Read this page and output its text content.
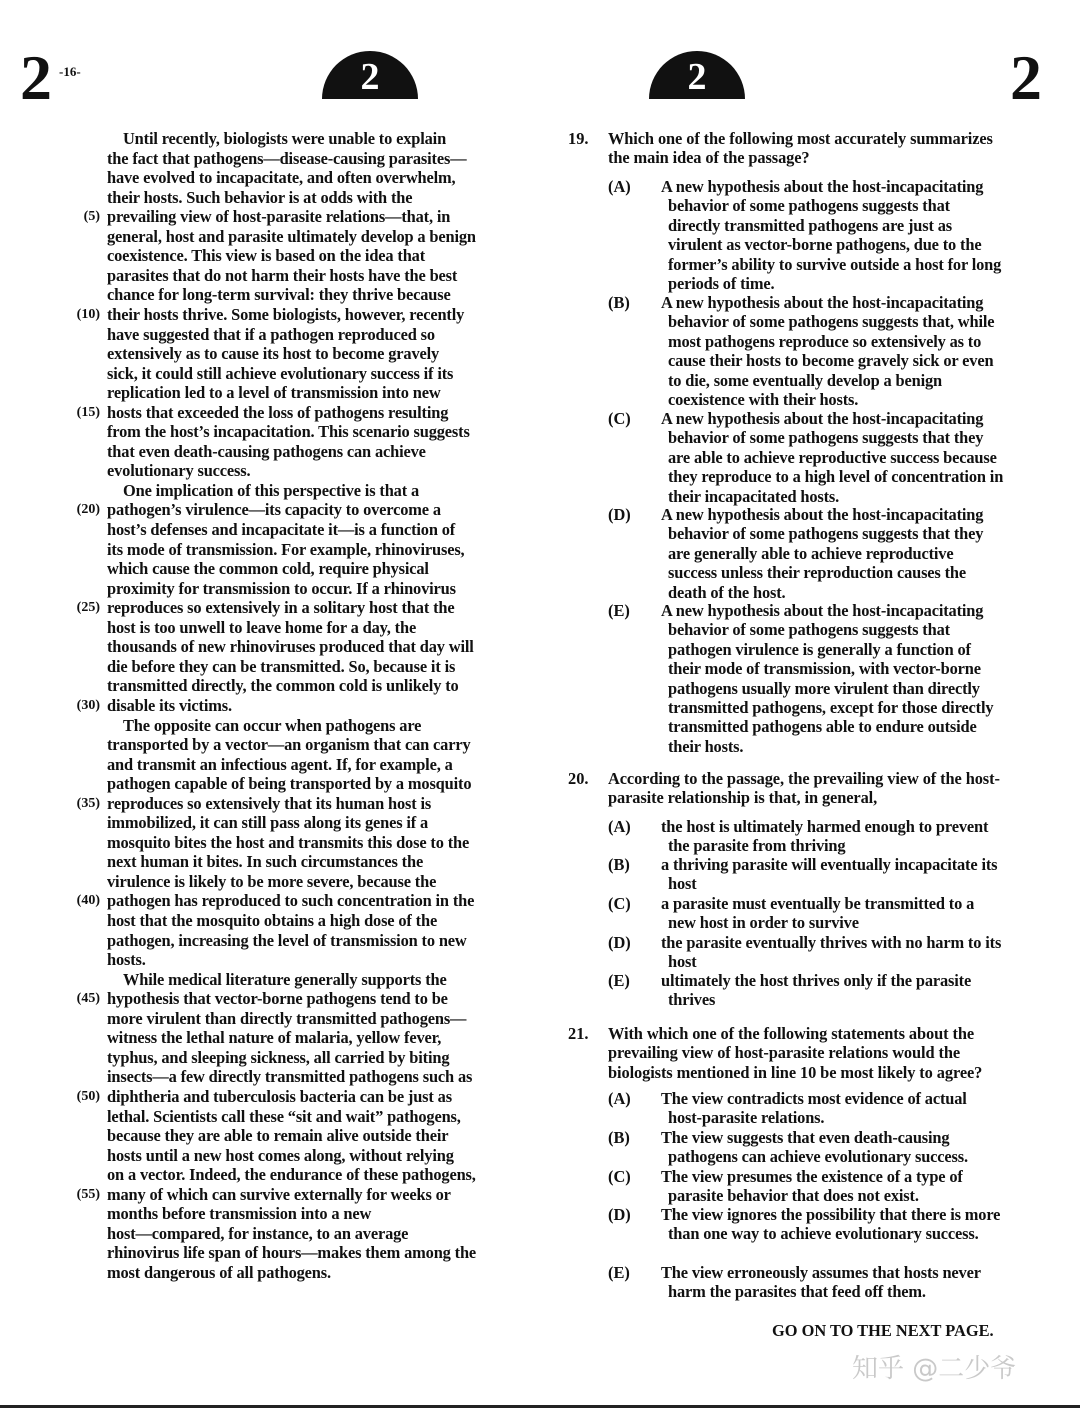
2 -16-	2	2	2
Until recently, biologists were unable to explain
the fact that pathogens—disease-causing parasites—
have evolved to incapacitate, and often overwhelm,
their hosts. Such behavior is at odds with the
prevailing view of host-parasite relations—that, in
(5)
general, host and parasite ultimately develop a benign
coexistence. This view is based on the idea that
parasites that do not harm their hosts have the best
chance for long-term survival: they thrive because
their hosts thrive. Some biologists, however, recently
(10)
have suggested that if a pathogen reproduced so
extensively as to cause its host to become gravely
sick, it could still achieve evolutionary success if its
replication led to a level of transmission into new
hosts that exceeded the loss of pathogens resulting
(15)
from the host’s incapacitation. This scenario suggests
that even death-causing pathogens can achieve
evolutionary success.
One implication of this perspective is that a
pathogen’s virulence—its capacity to overcome a
(20)
host’s defenses and incapacitate it—is a function of
its mode of transmission. For example, rhinoviruses,
which cause the common cold, require physical
proximity for transmission to occur. If a rhinovirus
reproduces so extensively in a solitary host that the
(25)
host is too unwell to leave home for a day, the
thousands of new rhinoviruses produced that day will
die before they can be transmitted. So, because it is
transmitted directly, the common cold is unlikely to
disable its victims.
(30)
The opposite can occur when pathogens are
transported by a vector—an organism that can carry
and transmit an infectious agent. If, for example, a
pathogen capable of being transported by a mosquito
reproduces so extensively that its human host is
(35)
immobilized, it can still pass along its genes if a
mosquito bites the host and transmits this dose to the
next human it bites. In such circumstances the
virulence is likely to be more severe, because the
pathogen has reproduced to such concentration in the
(40)
host that the mosquito obtains a high dose of the
pathogen, increasing the level of transmission to new
hosts.
While medical literature generally supports the
hypothesis that vector-borne pathogens tend to be
(45)
more virulent than directly transmitted pathogens—
witness the lethal nature of malaria, yellow fever,
typhus, and sleeping sickness, all carried by biting
insects—a few directly transmitted pathogens such as
diphtheria and tuberculosis bacteria can be just as
(50)
lethal. Scientists call these “sit and wait” pathogens,
because they are able to remain alive outside their
hosts until a new host comes along, without relying
on a vector. Indeed, the endurance of these pathogens,
many of which can survive externally for weeks or
(55)
months before transmission into a new
host—compared, for instance, to an average
rhinovirus life span of hours—makes them among the
most dangerous of all pathogens.
19. Which one of the following most accurately summarizes the main idea of the passage?
(A) A new hypothesis about the host-incapacitating behavior of some pathogens suggests that directly transmitted pathogens are just as virulent as vector-borne pathogens, due to the former’s ability to survive outside a host for long periods of time.
(B) A new hypothesis about the host-incapacitating behavior of some pathogens suggests that, while most pathogens reproduce so extensively as to cause their hosts to become gravely sick or even to die, some eventually develop a benign coexistence with their hosts.
(C) A new hypothesis about the host-incapacitating behavior of some pathogens suggests that they are able to achieve reproductive success because they reproduce to a high level of concentration in their incapacitated hosts.
(D) A new hypothesis about the host-incapacitating behavior of some pathogens suggests that they are generally able to achieve reproductive success unless their reproduction causes the death of the host.
(E) A new hypothesis about the host-incapacitating behavior of some pathogens suggests that pathogen virulence is generally a function of their mode of transmission, with vector-borne pathogens usually more virulent than directly transmitted pathogens, except for those directly transmitted pathogens able to endure outside their hosts.
20. According to the passage, the prevailing view of the host-parasite relationship is that, in general,
(A) the host is ultimately harmed enough to prevent the parasite from thriving
(B) a thriving parasite will eventually incapacitate its host
(C) a parasite must eventually be transmitted to a new host in order to survive
(D) the parasite eventually thrives with no harm to its host
(E) ultimately the host thrives only if the parasite thrives
21. With which one of the following statements about the prevailing view of host-parasite relations would the biologists mentioned in line 10 be most likely to agree?
(A) The view contradicts most evidence of actual host-parasite relations.
(B) The view suggests that even death-causing pathogens can achieve evolutionary success.
(C) The view presumes the existence of a type of parasite behavior that does not exist.
(D) The view ignores the possibility that there is more than one way to achieve evolutionary success.
(E) The view erroneously assumes that hosts never harm the parasites that feed off them.
GO ON TO THE NEXT PAGE.
知乎 @二少爷
